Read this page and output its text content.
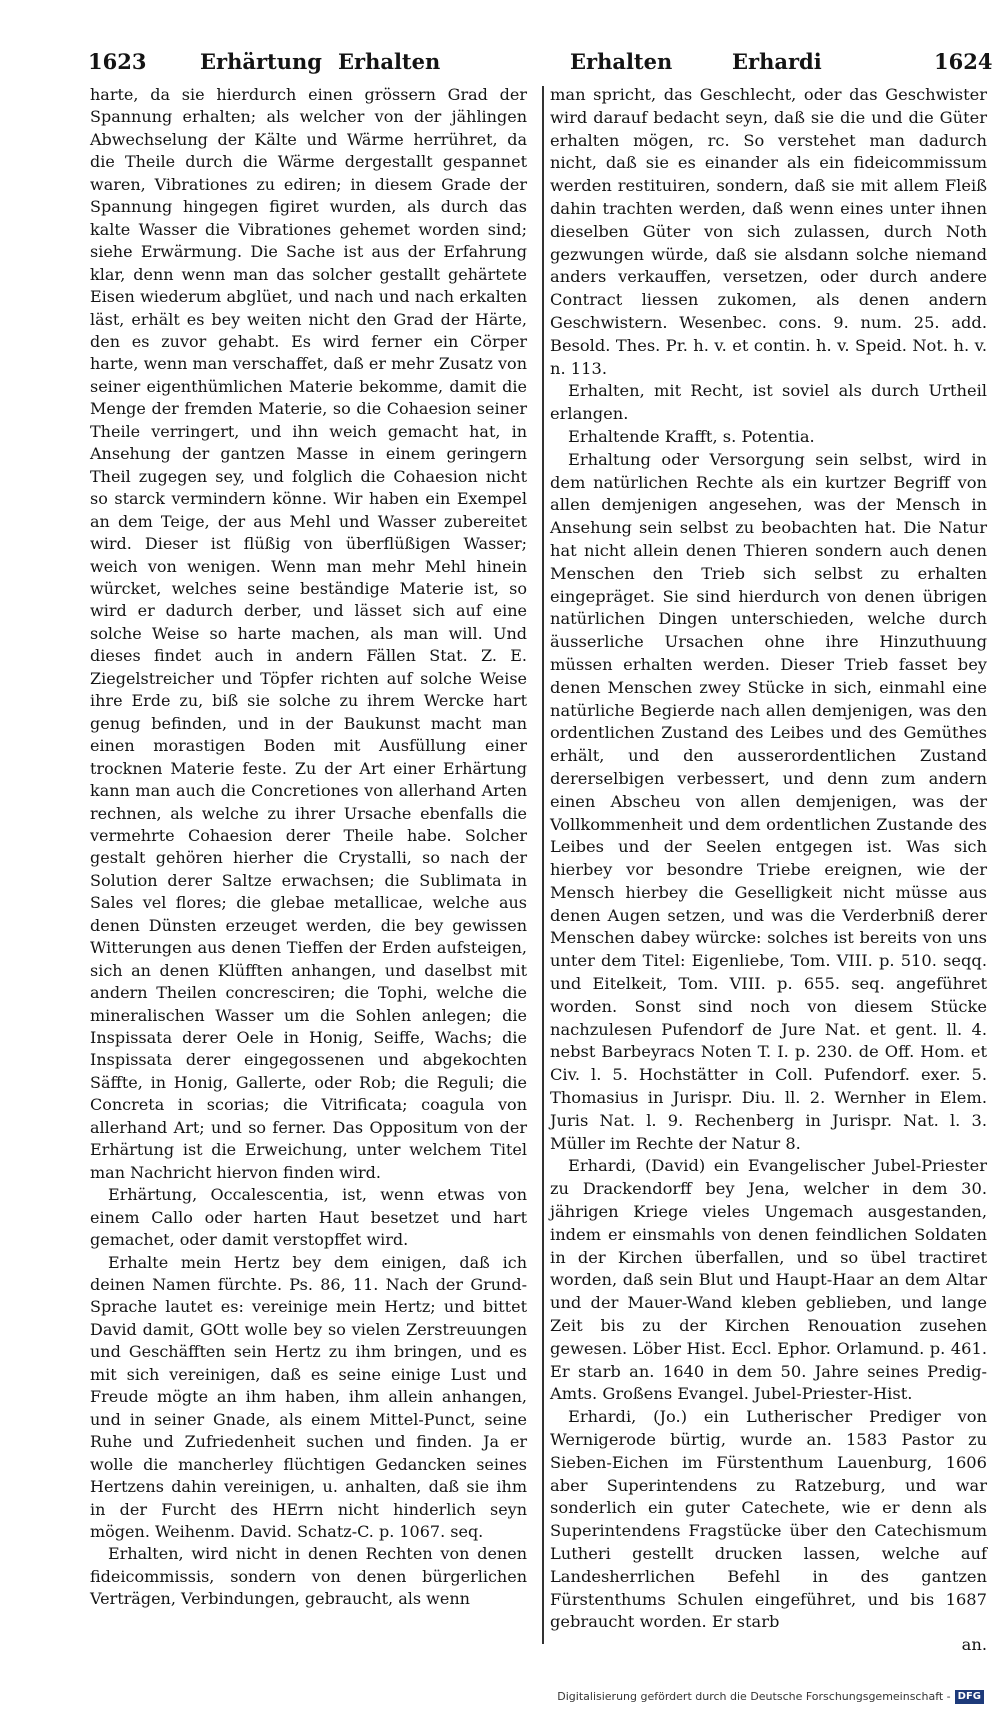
1623	Erhärtung Erhalten	Erhalten	Erhardi	1624

harte, da sie hierdurch einen grössern Grad der Spannung erhalten; als welcher von der jählingen Abwechselung der Kälte und Wärme herrühret, da die Theile durch die Wärme dergestallt gespannet waren, Vibrationes zu ediren; in diesem Grade der Spannung hingegen figiret wurden, als durch das kalte Wasser die Vibrationes gehemet worden sind; siehe Erwärmung. Die Sache ist aus der Erfahrung klar, denn wenn man das solcher gestallt gehärtete Eisen wiederum abglüet, und nach und nach erkalten läst, erhält es bey weiten nicht den Grad der Härte, den es zuvor gehabt. Es wird ferner ein Cörper harte, wenn man verschaffet, daß er mehr Zusatz von seiner eigenthümlichen Materie bekomme, damit die Menge der fremden Materie, so die Cohaesion seiner Theile verringert, und ihn weich gemacht hat, in Ansehung der gantzen Masse in einem geringern Theil zugegen sey, und folglich die Cohaesion nicht so starck vermindern könne. Wir haben ein Exempel an dem Teige, der aus Mehl und Wasser zubereitet wird. Dieser ist flüßig von überflüßigen Wasser; weich von wenigen. Wenn man mehr Mehl hinein würcket, welches seine beständige Materie ist, so wird er dadurch derber, und lässet sich auf eine solche Weise so harte machen, als man will. Und dieses findet auch in andern Fällen Stat. Z. E. Ziegelstreicher und Töpfer richten auf solche Weise ihre Erde zu, biß sie solche zu ihrem Wercke hart genug befinden, und in der Baukunst macht man einen morastigen Boden mit Ausfüllung einer trocknen Materie feste. Zu der Art einer Erhärtung kann man auch die Concretiones von allerhand Arten rechnen, als welche zu ihrer Ursache ebenfalls die vermehrte Cohaesion derer Theile habe. Solcher gestalt gehören hierher die Crystalli, so nach der Solution derer Saltze erwachsen; die Sublimata in Sales vel flores; die glebae metallicae, welche aus denen Dünsten erzeuget werden, die bey gewissen Witterungen aus denen Tieffen der Erden aufsteigen, sich an denen Klüfften anhangen, und daselbst mit andern Theilen concresciren; die Tophi, welche die mineralischen Wasser um die Sohlen anlegen; die Inspissata derer Oele in Honig, Seiffe, Wachs; die Inspissata derer eingegossenen und abgekochten Säffte, in Honig, Gallerte, oder Rob; die Reguli; die Concreta in scorias; die Vitrificata; coagula von allerhand Art; und so ferner. Das Oppositum von der Erhärtung ist die Erweichung, unter welchem Titel man Nachricht hiervon finden wird.

Erhärtung, Occalescentia, ist, wenn etwas von einem Callo oder harten Haut besetzet und hart gemachet, oder damit verstopffet wird.

Erhalte mein Hertz bey dem einigen, daß ich deinen Namen fürchte. Ps. 86, 11. Nach der Grund-Sprache lautet es: vereinige mein Hertz; und bittet David damit, GOtt wolle bey so vielen Zerstreuungen und Geschäfften sein Hertz zu ihm bringen, und es mit sich vereinigen, daß es seine einige Lust und Freude mögte an ihm haben, ihm allein anhangen, und in seiner Gnade, als einem Mittel-Punct, seine Ruhe und Zufriedenheit suchen und finden. Ja er wolle die mancherley flüchtigen Gedancken seines Hertzens dahin vereinigen, u. anhalten, daß sie ihm in der Furcht des HErrn nicht hinderlich seyn mögen. Weihenm. David. Schatz-C. p. 1067. seq.

Erhalten, wird nicht in denen Rechten von denen fideicommissis, sondern von denen bürgerlichen Verträgen, Verbindungen, gebraucht, als wenn

man spricht, das Geschlecht, oder das Geschwister wird darauf bedacht seyn, daß sie die und die Güter erhalten mögen, rc. So verstehet man dadurch nicht, daß sie es einander als ein fideicommissum werden restituiren, sondern, daß sie mit allem Fleiß dahin trachten werden, daß wenn eines unter ihnen dieselben Güter von sich zulassen, durch Noth gezwungen würde, daß sie alsdann solche niemand anders verkauffen, versetzen, oder durch andere Contract liessen zukomen, als denen andern Geschwistern. Wesenbec. cons. 9. num. 25. add. Besold. Thes. Pr. h. v. et contin. h. v. Speid. Not. h. v. n. 113.

Erhalten, mit Recht, ist soviel als durch Urtheil erlangen.

Erhaltende Krafft, s. Potentia.

Erhaltung oder Versorgung sein selbst, wird in dem natürlichen Rechte als ein kurtzer Begriff von allen demjenigen angesehen, was der Mensch in Ansehung sein selbst zu beobachten hat. Die Natur hat nicht allein denen Thieren sondern auch denen Menschen den Trieb sich selbst zu erhalten eingepräget. Sie sind hierdurch von denen übrigen natürlichen Dingen unterschieden, welche durch äusserliche Ursachen ohne ihre Hinzuthuung müssen erhalten werden. Dieser Trieb fasset bey denen Menschen zwey Stücke in sich, einmahl eine natürliche Begierde nach allen demjenigen, was den ordentlichen Zustand des Leibes und des Gemüthes erhält, und den ausserordentlichen Zustand dererselbigen verbessert, und denn zum andern einen Abscheu von allen demjenigen, was der Vollkommenheit und dem ordentlichen Zustande des Leibes und der Seelen entgegen ist. Was sich hierbey vor besondre Triebe ereignen, wie der Mensch hierbey die Geselligkeit nicht müsse aus denen Augen setzen, und was die Verderbniß derer Menschen dabey würcke: solches ist bereits von uns unter dem Titel: Eigenliebe, Tom. VIII. p. 510. seqq. und Eitelkeit, Tom. VIII. p. 655. seq. angeführet worden. Sonst sind noch von diesem Stücke nachzulesen Pufendorf de Jure Nat. et gent. ll. 4. nebst Barbeyracs Noten T. I. p. 230. de Off. Hom. et Civ. l. 5. Hochstätter in Coll. Pufendorf. exer. 5. Thomasius in Jurispr. Diu. ll. 2. Wernher in Elem. Juris Nat. l. 9. Rechenberg in Jurispr. Nat. l. 3. Müller im Rechte der Natur 8.

Erhardi, (David) ein Evangelischer Jubel-Priester zu Drackendorff bey Jena, welcher in dem 30. jährigen Kriege vieles Ungemach ausgestanden, indem er einsmahls von denen feindlichen Soldaten in der Kirchen überfallen, und so übel tractiret worden, daß sein Blut und Haupt-Haar an dem Altar und der Mauer-Wand kleben geblieben, und lange Zeit bis zu der Kirchen Renouation zusehen gewesen. Löber Hist. Eccl. Ephor. Orlamund. p. 461. Er starb an. 1640 in dem 50. Jahre seines Predig-Amts. Großens Evangel. Jubel-Priester-Hist.

Erhardi, (Jo.) ein Lutherischer Prediger von Wernigerode bürtig, wurde an. 1583 Pastor zu Sieben-Eichen im Fürstenthum Lauenburg, 1606 aber Superintendens zu Ratzeburg, und war sonderlich ein guter Catechete, wie er denn als Superintendens Fragstücke über den Catechismum Lutheri gestellt drucken lassen, welche auf Landesherrlichen Befehl in des gantzen Fürstenthums Schulen eingeführet, und bis 1687 gebraucht worden. Er starb

an.

Digitalisierung gefördert durch die Deutsche Forschungsgemeinschaft - DFG
